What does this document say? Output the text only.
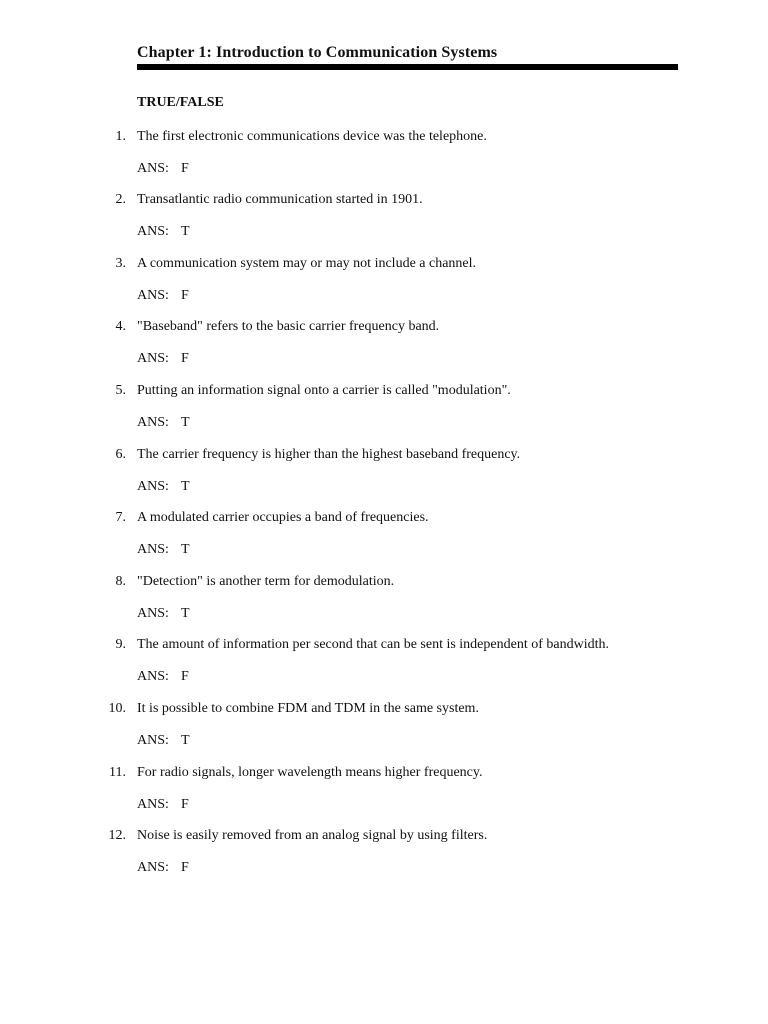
Chapter 1: Introduction to Communication Systems
TRUE/FALSE
1. The first electronic communications device was the telephone.
ANS: F
2. Transatlantic radio communication started in 1901.
ANS: T
3. A communication system may or may not include a channel.
ANS: F
4. "Baseband" refers to the basic carrier frequency band.
ANS: F
5. Putting an information signal onto a carrier is called "modulation".
ANS: T
6. The carrier frequency is higher than the highest baseband frequency.
ANS: T
7. A modulated carrier occupies a band of frequencies.
ANS: T
8. "Detection" is another term for demodulation.
ANS: T
9. The amount of information per second that can be sent is independent of bandwidth.
ANS: F
10. It is possible to combine FDM and TDM in the same system.
ANS: T
11. For radio signals, longer wavelength means higher frequency.
ANS: F
12. Noise is easily removed from an analog signal by using filters.
ANS: F
